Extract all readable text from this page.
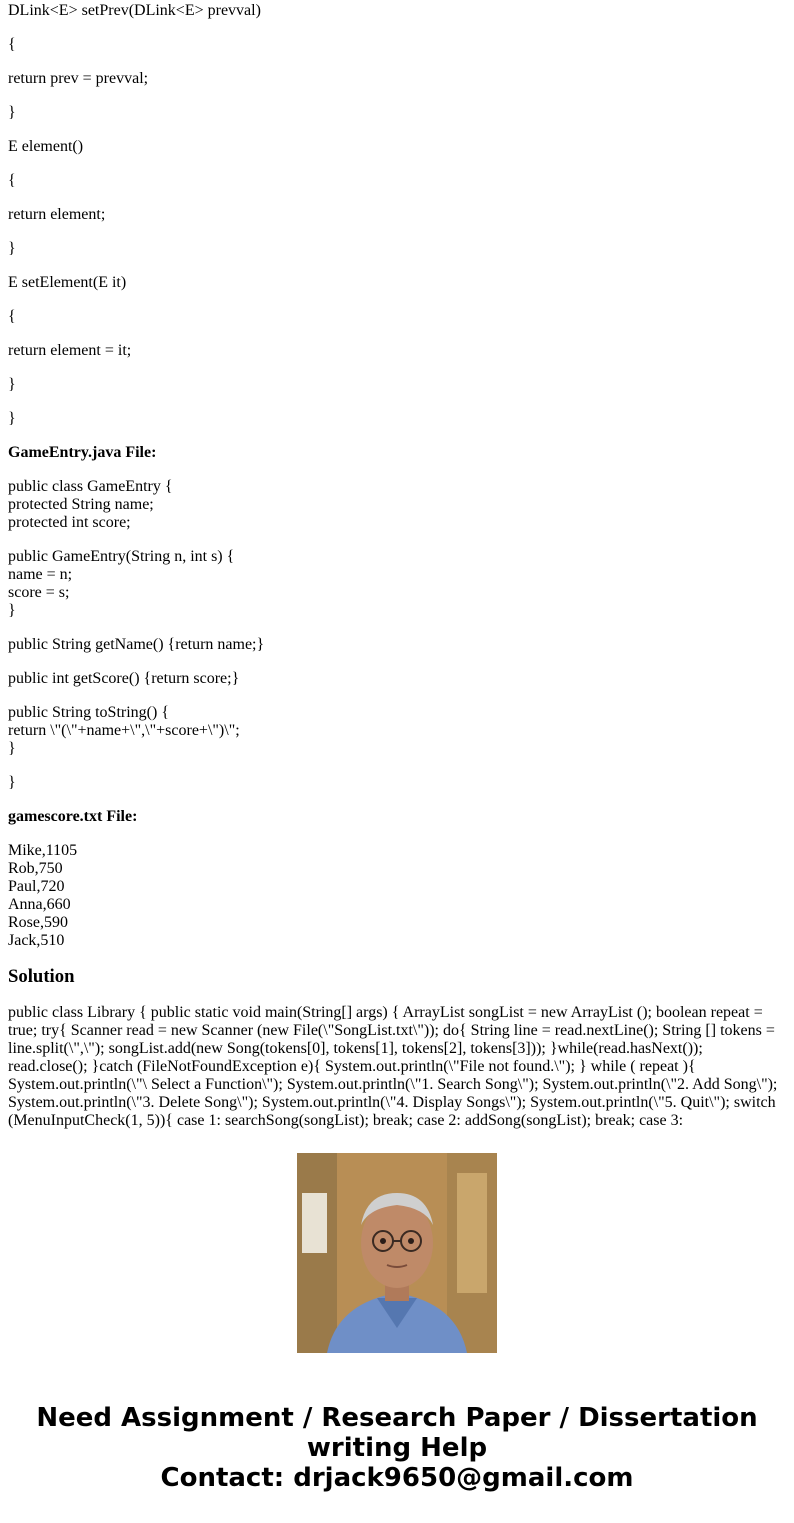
DLink<E> setPrev(DLink<E> prevval)

{

return prev = prevval;

}

E element()

{

return element;

}

E setElement(E it)

{

return element = it;

}

}

GameEntry.java File:

public class GameEntry {
protected String name;
protected int score;

public GameEntry(String n, int s) {
name = n;
score = s;
}

public String getName() {return name;}

public int getScore() {return score;}

public String toString() {
return \"(\"+name+\",\"+score+\")\";
}

}

gamescore.txt File:

Mike,1105
Rob,750
Paul,720
Anna,660
Rose,590
Jack,510

Solution

public class Library { public static void main(String[] args) { ArrayList songList = new ArrayList (); boolean repeat = true; try{ Scanner read = new Scanner (new File(\"SongList.txt\")); do{ String line = read.nextLine(); String [] tokens = line.split(\",\"); songList.add(new Song(tokens[0], tokens[1], tokens[2], tokens[3])); }while(read.hasNext()); read.close(); }catch (FileNotFoundException e){ System.out.println(\"File not found.\"); } while ( repeat ){ System.out.println(\"\ Select a Function\"); System.out.println(\"1. Search Song\"); System.out.println(\"2. Add Song\"); System.out.println(\"3. Delete Song\"); System.out.println(\"4. Display Songs\"); System.out.println(\"5. Quit\"); switch (MenuInputCheck(1, 5)){ case 1: searchSong(songList); break; case 2: addSong(songList); break; case 3:

Need Assignment / Research Paper / Dissertation
writing Help
Contact: drjack9650@gmail.com
